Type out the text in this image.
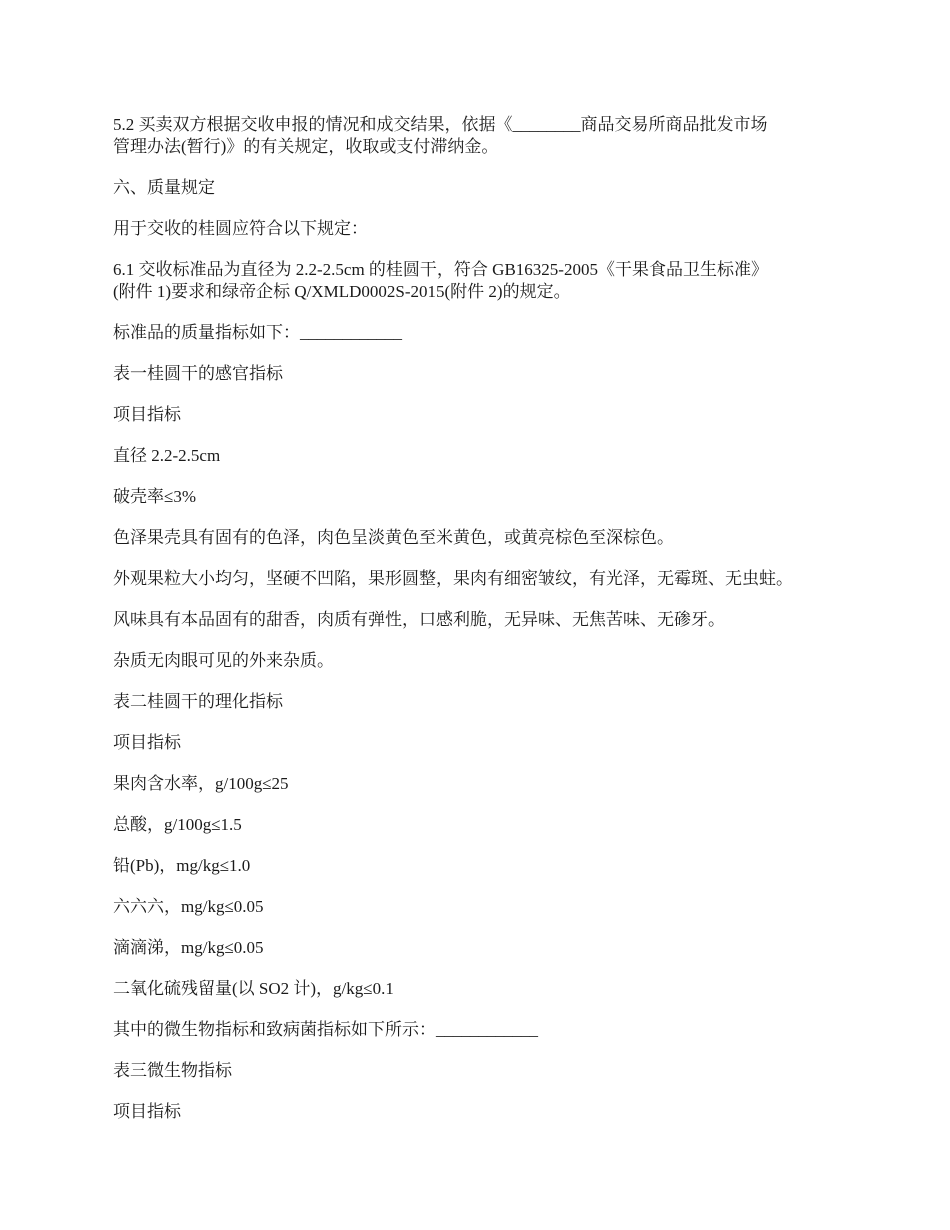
5.2 买卖双方根据交收申报的情况和成交结果，依据《________商品交易所商品批发市场
管理办法(暂行)》的有关规定，收取或支付滞纳金。

六、质量规定

用于交收的桂圆应符合以下规定：

6.1 交收标准品为直径为 2.2-2.5cm 的桂圆干，符合 GB16325-2005《干果食品卫生标准》
(附件 1)要求和绿帝企标 Q/XMLD0002S-2015(附件 2)的规定。

标准品的质量指标如下：____________

表一桂圆干的感官指标

项目指标

直径 2.2-2.5cm

破壳率≤3%

色泽果壳具有固有的色泽，肉色呈淡黄色至米黄色，或黄亮棕色至深棕色。

外观果粒大小均匀，坚硬不凹陷，果形圆整，果肉有细密皱纹，有光泽，无霉斑、无虫蛀。

风味具有本品固有的甜香，肉质有弹性，口感利脆，无异味、无焦苦味、无碜牙。

杂质无肉眼可见的外来杂质。

表二桂圆干的理化指标

项目指标

果肉含水率，g/100g≤25

总酸，g/100g≤1.5

铅(Pb)，mg/kg≤1.0

六六六，mg/kg≤0.05

滴滴涕，mg/kg≤0.05

二氧化硫残留量(以 SO2 计)，g/kg≤0.1

其中的微生物指标和致病菌指标如下所示：____________

表三微生物指标

项目指标
